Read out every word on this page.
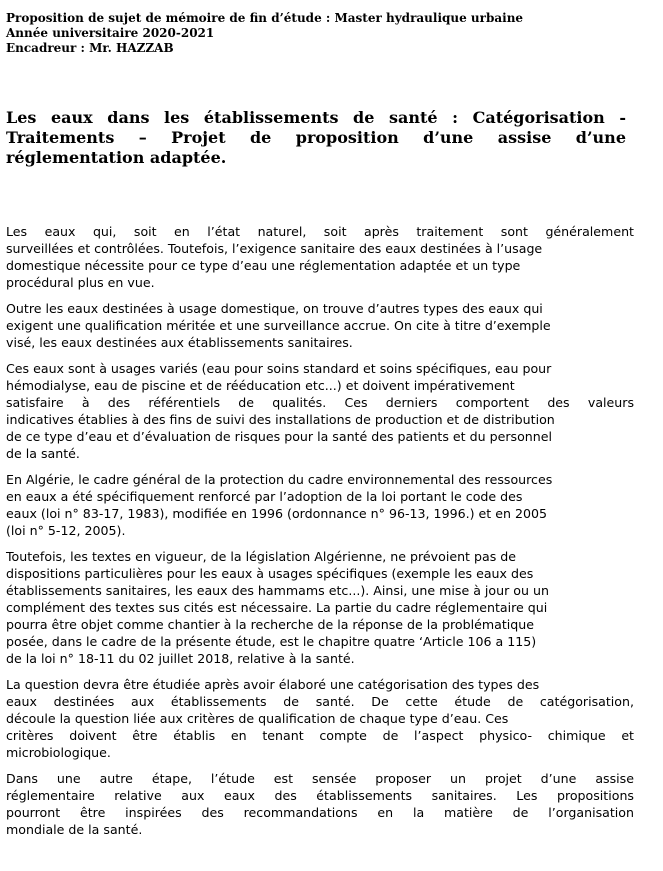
Proposition de sujet de mémoire de fin d’étude : Master hydraulique urbaine
Année universitaire 2020-2021
Encadreur : Mr. HAZZAB
Les eaux dans les établissements de santé : Catégorisation -
Traitements – Projet de proposition d’une assise d’une
réglementation adaptée.

Les eaux qui, soit en l’état naturel, soit après traitement sont généralement
surveillées et contrôlées. Toutefois, l’exigence sanitaire des eaux destinées à l’usage
domestique nécessite pour ce type d’eau une réglementation adaptée et un type
procédural plus en vue.

Outre les eaux destinées à usage domestique, on trouve d’autres types des eaux qui
exigent une qualification méritée et une surveillance accrue. On cite à titre d’exemple
visé, les eaux destinées aux établissements sanitaires.

Ces eaux sont à usages variés (eau pour soins standard et soins spécifiques, eau pour
hémodialyse, eau de piscine et de rééducation etc...) et doivent impérativement
satisfaire à des référentiels de qualités. Ces derniers comportent des valeurs
indicatives établies à des fins de suivi des installations de production et de distribution
de ce type d’eau et d’évaluation de risques pour la santé des patients et du personnel
de la santé.

En Algérie, le cadre général de la protection du cadre environnemental des ressources
en eaux a été spécifiquement renforcé par l’adoption de la loi portant le code des
eaux (loi n° 83-17, 1983), modifiée en 1996 (ordonnance n° 96-13, 1996.) et en 2005
(loi n° 5-12, 2005).

Toutefois, les textes en vigueur, de la législation Algérienne, ne prévoient pas de
dispositions particulières pour les eaux à usages spécifiques (exemple les eaux des
établissements sanitaires, les eaux des hammams etc...). Ainsi, une mise à jour ou un
complément des textes sus cités est nécessaire. La partie du cadre réglementaire qui
pourra être objet comme chantier à la recherche de la réponse de la problématique
posée, dans le cadre de la présente étude, est le chapitre quatre ‘Article 106 a 115)
de la loi n° 18-11 du 02 juillet 2018, relative à la santé.

La question devra être étudiée après avoir élaboré une catégorisation des types des
eaux destinées aux établissements de santé. De cette étude de catégorisation,
découle la question liée aux critères de qualification de chaque type d’eau. Ces
critères doivent être établis en tenant compte de l’aspect physico- chimique et
microbiologique.

Dans une autre étape, l’étude est sensée proposer un projet d’une assise
réglementaire relative aux eaux des établissements sanitaires. Les propositions
pourront être inspirées des recommandations en la matière de l’organisation
mondiale de la santé.
